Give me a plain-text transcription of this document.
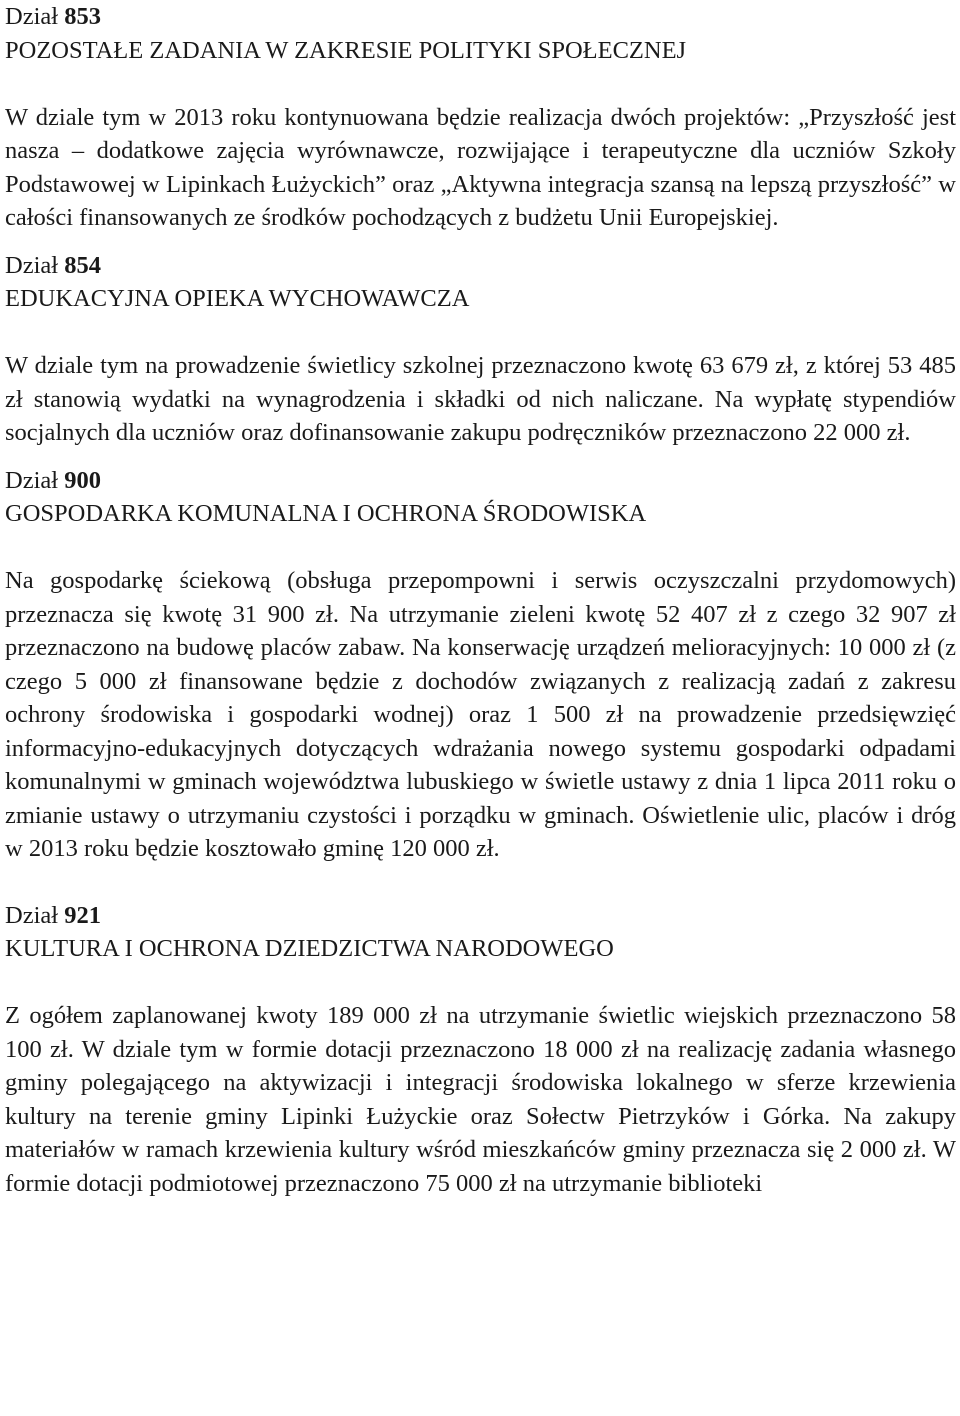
Dział 853

POZOSTAŁE ZADANIA W ZAKRESIE POLITYKI SPOŁECZNEJ

W dziale tym w 2013 roku kontynuowana będzie realizacja dwóch projektów: „Przyszłość jest nasza – dodatkowe zajęcia wyrównawcze, rozwijające i terapeutyczne dla uczniów Szkoły Podstawowej w Lipinkach Łużyckich” oraz „Aktywna integracja szansą na lepszą przyszłość” w całości finansowanych ze środków pochodzących z budżetu Unii Europejskiej.

Dział 854

EDUKACYJNA OPIEKA WYCHOWAWCZA

W dziale tym na prowadzenie świetlicy szkolnej przeznaczono kwotę 63 679 zł, z której 53 485 zł stanowią wydatki na wynagrodzenia i składki od nich naliczane. Na wypłatę stypendiów socjalnych dla uczniów oraz dofinansowanie zakupu podręczników przeznaczono 22 000 zł.

Dział 900

GOSPODARKA KOMUNALNA I OCHRONA ŚRODOWISKA

Na gospodarkę ściekową (obsługa przepompowni i serwis oczyszczalni przydomowych) przeznacza się kwotę 31 900 zł. Na utrzymanie zieleni kwotę 52 407 zł z czego 32 907 zł przeznaczono na budowę placów zabaw. Na konserwację urządzeń melioracyjnych: 10 000 zł (z czego 5 000 zł finansowane będzie z dochodów związanych z realizacją zadań z zakresu ochrony środowiska i gospodarki wodnej) oraz 1 500 zł na prowadzenie przedsięwzięć informacyjno-edukacyjnych dotyczących wdrażania nowego systemu gospodarki odpadami komunalnymi w gminach województwa lubuskiego w świetle ustawy z dnia 1 lipca 2011 roku o zmianie ustawy o utrzymaniu czystości i porządku w gminach. Oświetlenie ulic, placów i dróg w 2013 roku będzie kosztowało gminę 120 000 zł.

Dział 921

KULTURA I OCHRONA DZIEDZICTWA NARODOWEGO

Z ogółem zaplanowanej kwoty 189 000 zł na utrzymanie świetlic wiejskich przeznaczono 58 100 zł. W dziale tym w formie dotacji przeznaczono 18 000 zł na realizację zadania własnego gminy polegającego na aktywizacji i integracji środowiska lokalnego w sferze krzewienia kultury na terenie gminy Lipinki Łużyckie oraz Sołectw Pietrzyków i Górka. Na zakupy materiałów w ramach krzewienia kultury wśród mieszkańców gminy przeznacza się 2 000 zł. W formie dotacji podmiotowej przeznaczono 75 000 zł na utrzymanie biblioteki
